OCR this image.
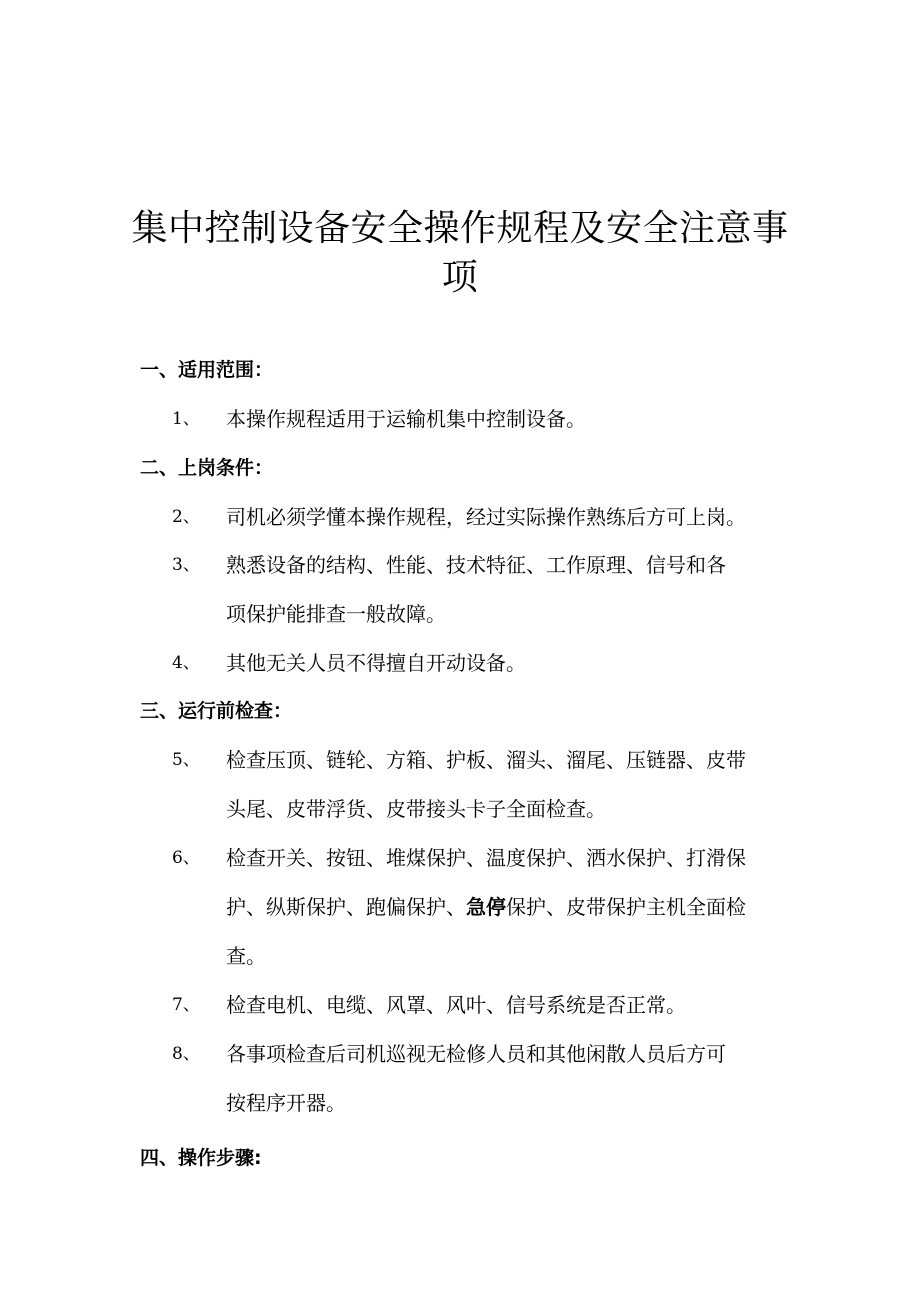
集中控制设备安全操作规程及安全注意事
项
一、适用范围：
1、	本操作规程适用于运输机集中控制设备。
二、上岗条件：
2、	司机必须学懂本操作规程，经过实际操作熟练后方可上岗。
3、	熟悉设备的结构、性能、技术特征、工作原理、信号和各
项保护能排查一般故障。
4、	其他无关人员不得擅自开动设备。
三、运行前检查：
5、	检查压顶、链轮、方箱、护板、溜头、溜尾、压链器、皮带
头尾、皮带浮货、皮带接头卡子全面检查。
6、	检查开关、按钮、堆煤保护、温度保护、洒水保护、打滑保
护、纵斯保护、跑偏保护、急停保护、皮带保护主机全面检
查。
7、	检查电机、电缆、风罩、风叶、信号系统是否正常。
8、	各事项检查后司机巡视无检修人员和其他闲散人员后方可
按程序开器。
四、操作步骤:
